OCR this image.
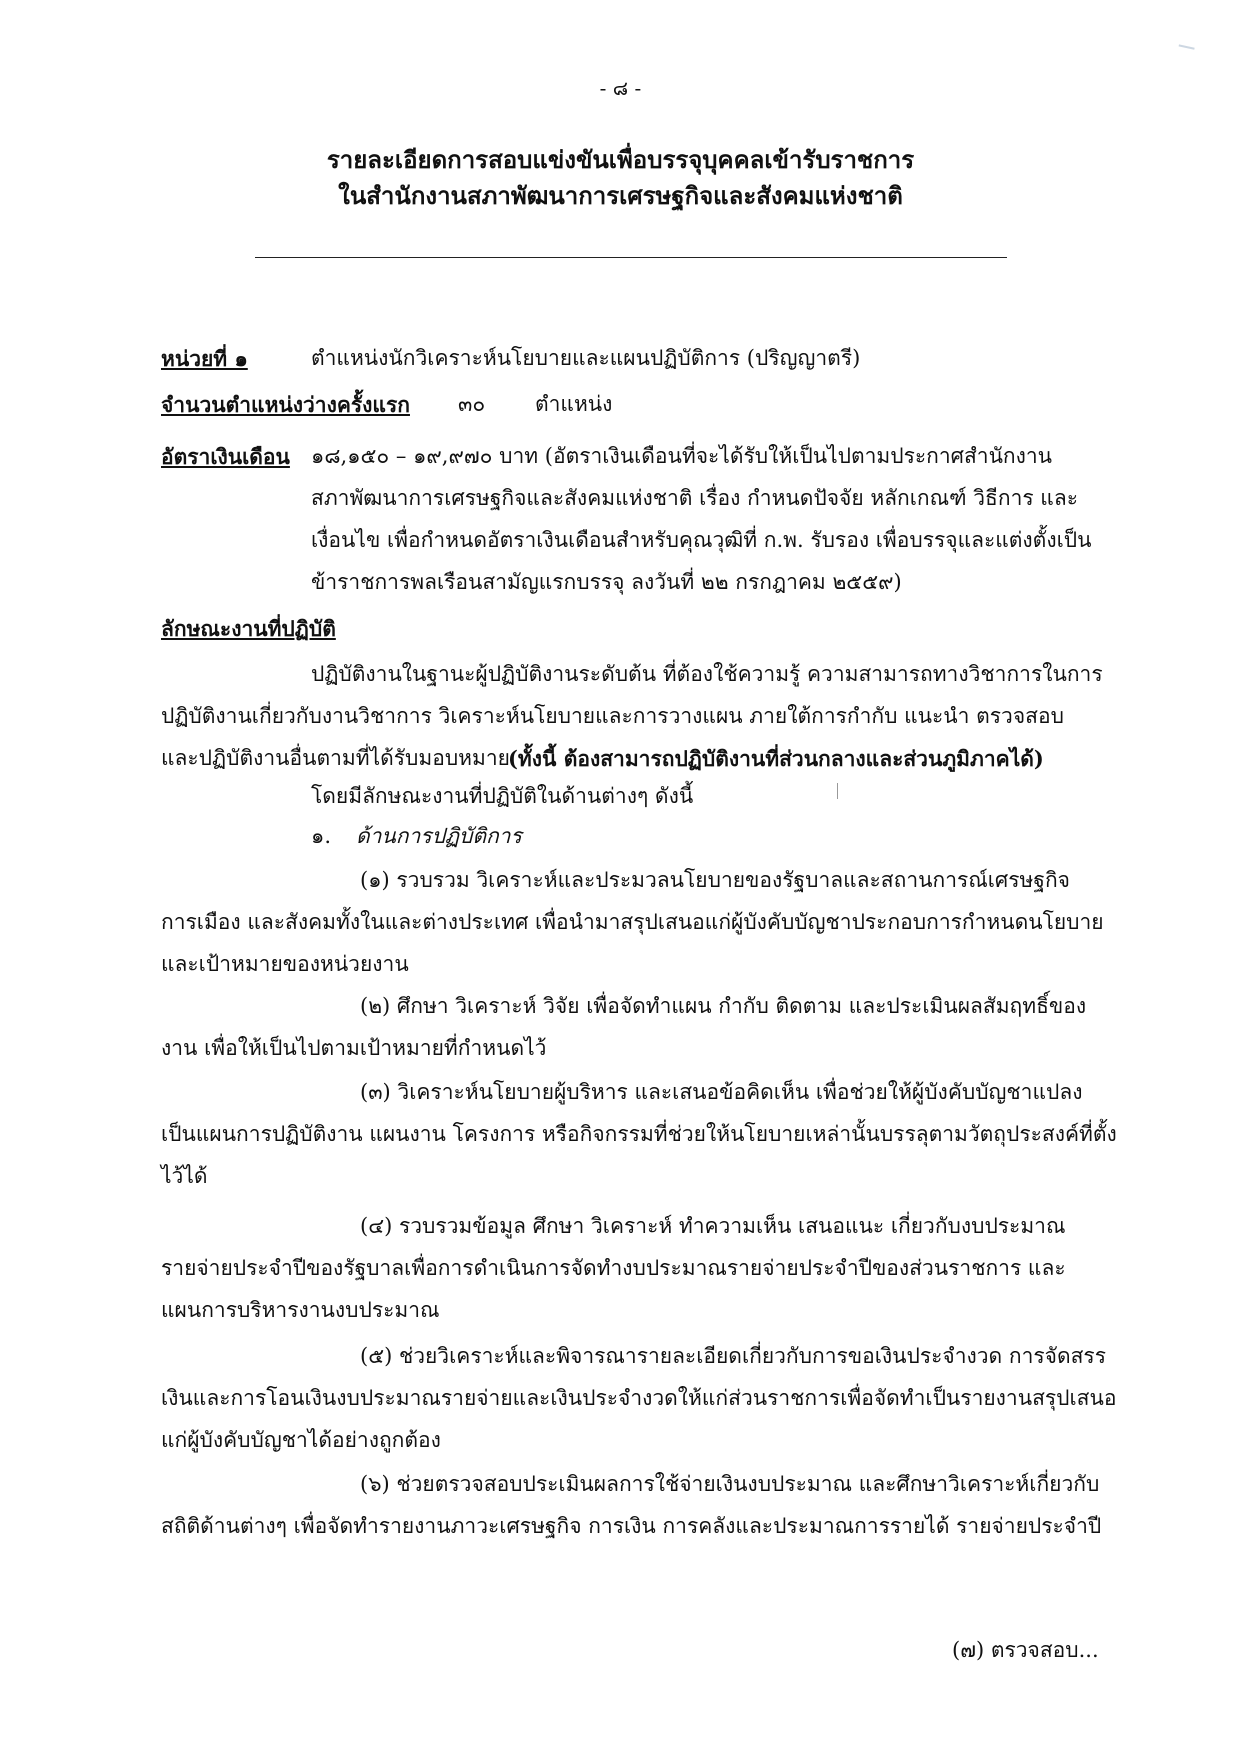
- ๘ -
รายละเอียดการสอบแข่งขันเพื่อบรรจุบุคคลเข้ารับราชการ
ในสำนักงานสภาพัฒนาการเศรษฐกิจและสังคมแห่งชาติ
หน่วยที่ ๑	ตำแหน่งนักวิเคราะห์นโยบายและแผนปฏิบัติการ (ปริญญาตรี)
จำนวนตำแหน่งว่างครั้งแรก ๓๐ ตำแหน่ง
อัตราเงินเดือน ๑๘,๑๕๐ – ๑๙,๙๗๐ บาท (อัตราเงินเดือนที่จะได้รับให้เป็นไปตามประกาศสำนักงาน
สภาพัฒนาการเศรษฐกิจและสังคมแห่งชาติ เรื่อง กำหนดปัจจัย หลักเกณฑ์ วิธีการ และ
เงื่อนไข เพื่อกำหนดอัตราเงินเดือนสำหรับคุณวุฒิที่ ก.พ. รับรอง เพื่อบรรจุและแต่งตั้งเป็น
ข้าราชการพลเรือนสามัญแรกบรรจุ ลงวันที่ ๒๒ กรกฎาคม ๒๕๕๙)
ลักษณะงานที่ปฏิบัติ
ปฏิบัติงานในฐานะผู้ปฏิบัติงานระดับต้น ที่ต้องใช้ความรู้ ความสามารถทางวิชาการในการ
ปฏิบัติงานเกี่ยวกับงานวิชาการ วิเคราะห์นโยบายและการวางแผน ภายใต้การกำกับ แนะนำ ตรวจสอบ
และปฏิบัติงานอื่นตามที่ได้รับมอบหมาย
(ทั้งนี้ ต้องสามารถปฏิบัติงานที่ส่วนกลางและส่วนภูมิภาคได้)
โดยมีลักษณะงานที่ปฏิบัติในด้านต่างๆ ดังนี้
๑. ด้านการปฏิบัติการ
(๑) รวบรวม วิเคราะห์และประมวลนโยบายของรัฐบาลและสถานการณ์เศรษฐกิจ
การเมือง และสังคมทั้งในและต่างประเทศ เพื่อนำมาสรุปเสนอแก่ผู้บังคับบัญชาประกอบการกำหนดนโยบาย
และเป้าหมายของหน่วยงาน
(๒) ศึกษา วิเคราะห์ วิจัย เพื่อจัดทำแผน กำกับ ติดตาม และประเมินผลสัมฤทธิ์ของ
งาน เพื่อให้เป็นไปตามเป้าหมายที่กำหนดไว้
(๓) วิเคราะห์นโยบายผู้บริหาร และเสนอข้อคิดเห็น เพื่อช่วยให้ผู้บังคับบัญชาแปลง
เป็นแผนการปฏิบัติงาน แผนงาน โครงการ หรือกิจกรรมที่ช่วยให้นโยบายเหล่านั้นบรรลุตามวัตถุประสงค์ที่ตั้ง
ไว้ได้
(๔) รวบรวมข้อมูล ศึกษา วิเคราะห์ ทำความเห็น เสนอแนะ เกี่ยวกับงบประมาณ
รายจ่ายประจำปีของรัฐบาลเพื่อการดำเนินการจัดทำงบประมาณรายจ่ายประจำปีของส่วนราชการ และ
แผนการบริหารงานงบประมาณ
(๕) ช่วยวิเคราะห์และพิจารณารายละเอียดเกี่ยวกับการขอเงินประจำงวด การจัดสรร
เงินและการโอนเงินงบประมาณรายจ่ายและเงินประจำงวดให้แก่ส่วนราชการเพื่อจัดทำเป็นรายงานสรุปเสนอ
แก่ผู้บังคับบัญชาได้อย่างถูกต้อง
(๖) ช่วยตรวจสอบประเมินผลการใช้จ่ายเงินงบประมาณ และศึกษาวิเคราะห์เกี่ยวกับ
สถิติด้านต่างๆ เพื่อจัดทำรายงานภาวะเศรษฐกิจ การเงิน การคลังและประมาณการรายได้ รายจ่ายประจำปี
(๗) ตรวจสอบ...
